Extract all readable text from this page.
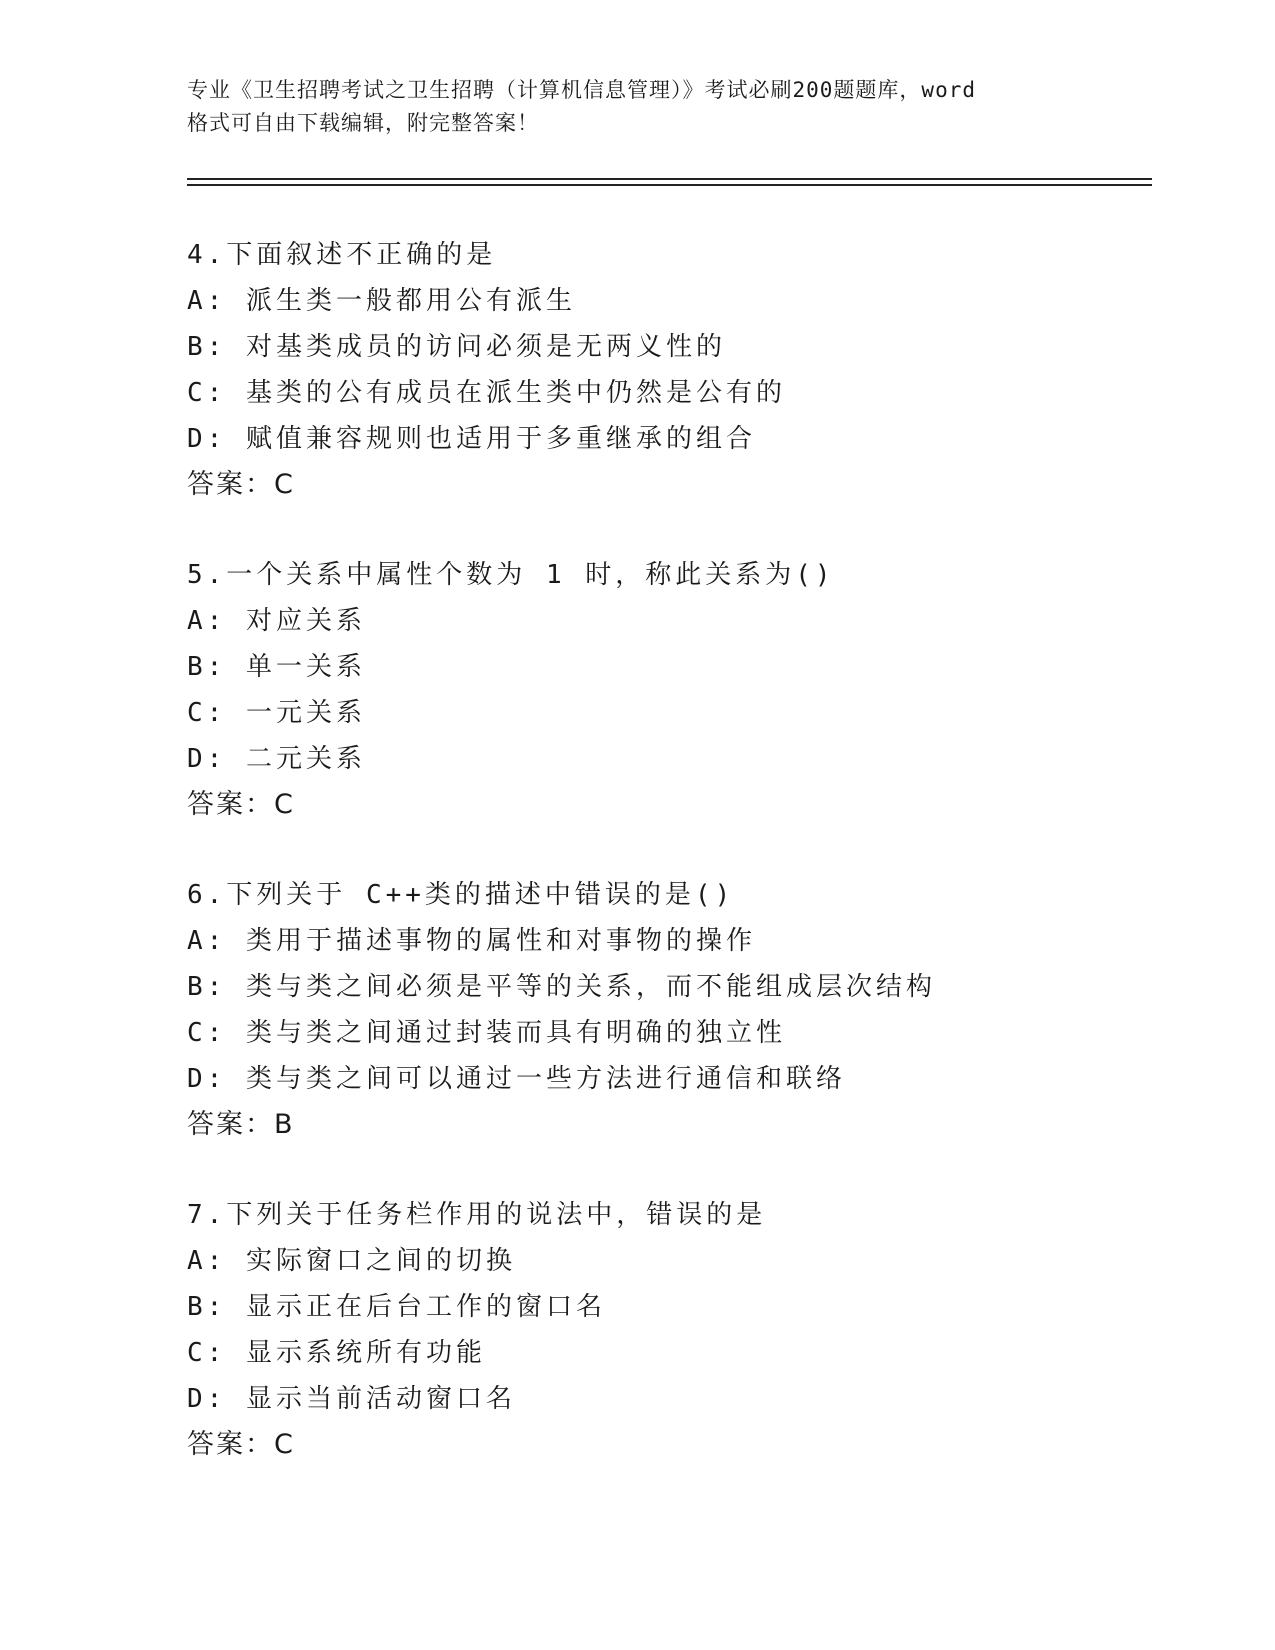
专业《卫生招聘考试之卫生招聘（计算机信息管理）》考试必刷200题题库，word
格式可自由下载编辑，附完整答案！
4.下面叙述不正确的是
A: 派生类一般都用公有派生
B: 对基类成员的访问必须是无两义性的
C: 基类的公有成员在派生类中仍然是公有的
D: 赋值兼容规则也适用于多重继承的组合
答案：C
5.一个关系中属性个数为 1 时，称此关系为()
A: 对应关系
B: 单一关系
C: 一元关系
D: 二元关系
答案：C
6.下列关于 C++类的描述中错误的是()
A: 类用于描述事物的属性和对事物的操作
B: 类与类之间必须是平等的关系，而不能组成层次结构
C: 类与类之间通过封装而具有明确的独立性
D: 类与类之间可以通过一些方法进行通信和联络
答案：B
7.下列关于任务栏作用的说法中，错误的是
A: 实际窗口之间的切换
B: 显示正在后台工作的窗口名
C: 显示系统所有功能
D: 显示当前活动窗口名
答案：C
